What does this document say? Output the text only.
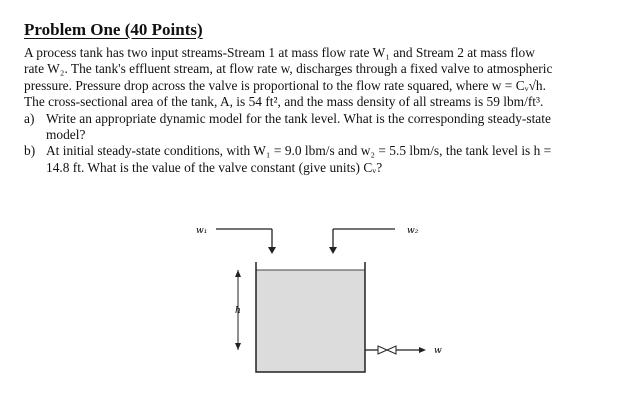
Problem One (40 Points)

A process tank has two input streams-Stream 1 at mass flow rate W₁ and Stream 2 at mass flow

rate W₂. The tank's effluent stream, at flow rate w, discharges through a fixed valve to atmospheric

pressure. Pressure drop across the valve is proportional to the flow rate squared, where w = Cᵥ√h.

The cross-sectional area of the tank, A, is 54 ft², and the mass density of all streams is 59 lbm/ft³.

a) Write an appropriate dynamic model for the tank level. What is the corresponding steady-state
model?
b) At initial steady-state conditions, with W₁ = 9.0 lbm/s and w₂ = 5.5 lbm/s, the tank level is h =
14.8 ft. What is the value of the valve constant (give units) Cᵥ?
w₁	w₂
h
w
